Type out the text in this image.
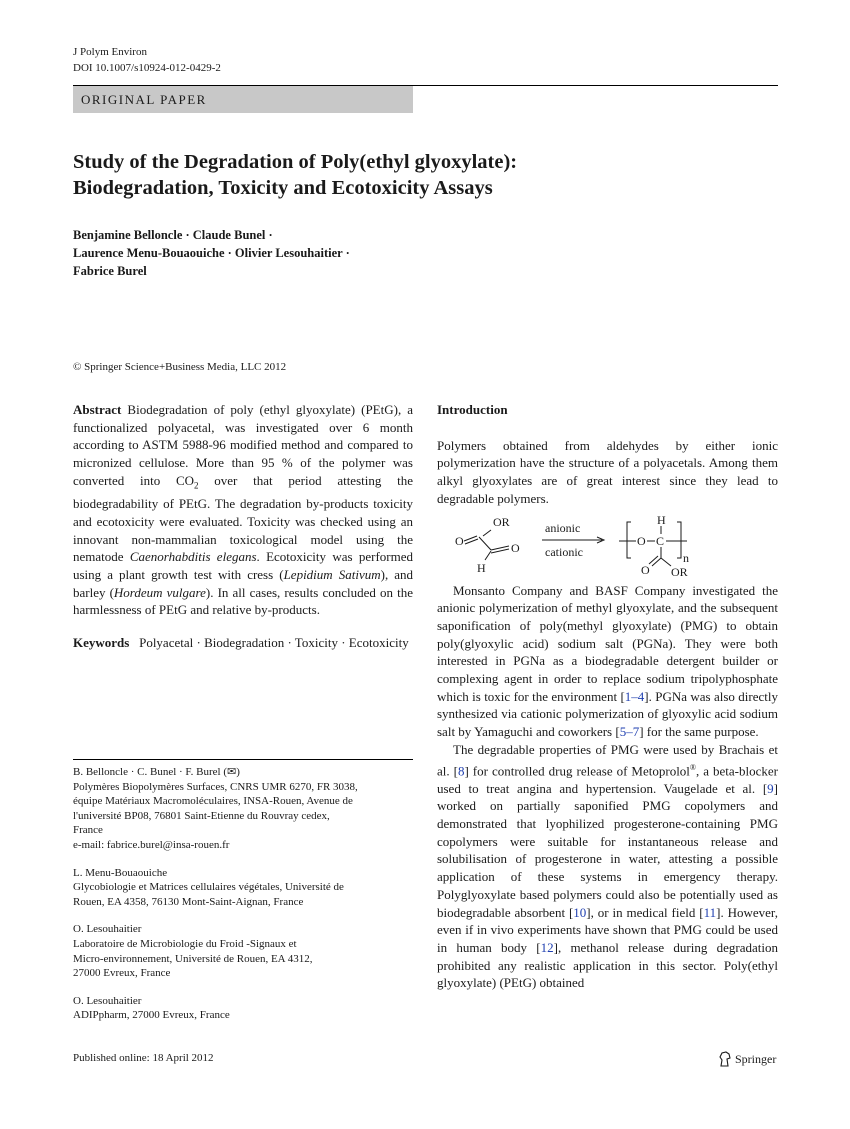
J Polym Environ
DOI 10.1007/s10924-012-0429-2
ORIGINAL PAPER
Study of the Degradation of Poly(ethyl glyoxylate):
Biodegradation, Toxicity and Ecotoxicity Assays
Benjamine Belloncle · Claude Bunel ·
Laurence Menu-Bouaouiche · Olivier Lesouhaitier ·
Fabrice Burel
© Springer Science+Business Media, LLC 2012

Abstract Biodegradation of poly (ethyl glyoxylate) (PEtG), a functionalized polyacetal, was investigated over 6 month according to ASTM 5988-96 modified method and compared to micronized cellulose. More than 95 % of the polymer was converted into $CO_2$ over that period attesting the biodegradability of PEtG. The degradation by-products toxicity and ecotoxicity were evaluated. Toxicity was checked using an innovant non-mammalian toxicological model using the nematode Caenorhabditis elegans. Ecotoxicity was performed using a plant growth test with cress (Lepidium Sativum), and barley (Hordeum vulgare). In all cases, results concluded on the harmlessness of PEtG and relative by-products.

Keywords Polyacetal · Biodegradation · Toxicity · Ecotoxicity

B. Belloncle · C. Bunel · F. Burel (✉)
Polymères Biopolymères Surfaces, CNRS UMR 6270, FR 3038,
équipe Matériaux Macromoléculaires, INSA-Rouen, Avenue de
l'université BP08, 76801 Saint-Etienne du Rouvray cedex,
France
e-mail: fabrice.burel@insa-rouen.fr
L. Menu-Bouaouiche
Glycobiologie et Matrices cellulaires végétales, Université de
Rouen, EA 4358, 76130 Mont-Saint-Aignan, France
O. Lesouhaitier
Laboratoire de Microbiologie du Froid -Signaux et
Micro-environnement, Université de Rouen, EA 4312,
27000 Evreux, France
O. Lesouhaitier
ADIPpharm, 27000 Evreux, France

Introduction

Polymers obtained from aldehydes by either ionic polymerization have the structure of a polyacetals. Among them alkyl glyoxylates are of great interest since they lead to degradable polymers.

OR
O	O
H
anionic
cationic
O
H
C
n
O OR

Monsanto Company and BASF Company investigated the anionic polymerization of methyl glyoxylate, and the subsequent saponification of poly(methyl glyoxylate) (PMG) to obtain poly(glyoxylic acid) sodium salt (PGNa). They were both interested in PGNa as a biodegradable detergent builder or complexing agent in order to replace sodium tripolyphosphate which is toxic for the environment [1–4]. PGNa was also directly synthesized via cationic polymerization of glyoxylic acid sodium salt by Yamaguchi and coworkers [5–7] for the same purpose.

The degradable properties of PMG were used by Brachais et al. [8] for controlled drug release of Metoprolol®, a beta-blocker used to treat angina and hypertension. Vaugelade et al. [9] worked on partially saponified PMG copolymers and demonstrated that lyophilized progesterone-containing PMG copolymers were suitable for instantaneous release and solubilisation of progesterone in water, attesting a possible application of these systems in emergency therapy. Polyglyoxylate based polymers could also be potentially used as biodegradable absorbent [10], or in medical field [11]. However, even if in vivo experiments have shown that PMG could be used in human body [12], methanol release during degradation prohibited any realistic application in this sector. Poly(ethyl glyoxylate) (PEtG) obtained

Published online: 18 April 2012	Springer
